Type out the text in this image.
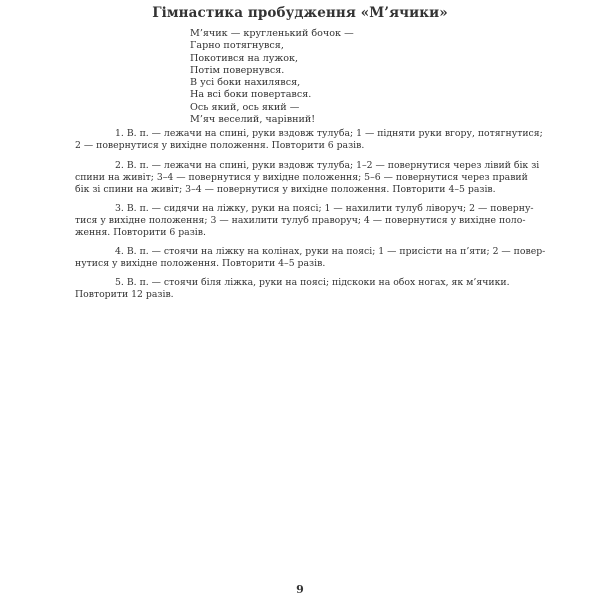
Гімнастика пробудження «М’ячики»
М’ячик — кругленький бочок —
Гарно потягнувся,
Покотився на лужок,
Потім повернувся.
В усі боки нахилявся,
На всі боки повертався.
Ось який, ось який —
М’яч веселий, чарівний!
1. В. п. — лежачи на спині, руки вздовж тулуба; 1 — підняти руки вгору, потягнутися;
2 — повернутися у вихідне положення. Повторити 6 разів.
2. В. п. — лежачи на спині, руки вздовж тулуба; 1–2 — повернутися через лівий бік зі
спини на живіт; 3–4 — повернутися у вихідне положення; 5–6 — повернутися через правий
бік зі спини на живіт; 3–4 — повернутися у вихідне положення. Повторити 4–5 разів.
3. В. п. — сидячи на ліжку, руки на поясі; 1 — нахилити тулуб ліворуч; 2 — поверну-
тися у вихідне положення; 3 — нахилити тулуб праворуч; 4 — повернутися у вихідне поло-
ження. Повторити 6 разів.
4. В. п. — стоячи на ліжку на колінах, руки на поясі; 1 — присісти на п’яти; 2 — повер-
нутися у вихідне положення. Повторити 4–5 разів.
5. В. п. — стоячи біля ліжка, руки на поясі; підскоки на обох ногах, як м’ячики.
Повторити 12 разів.
9
